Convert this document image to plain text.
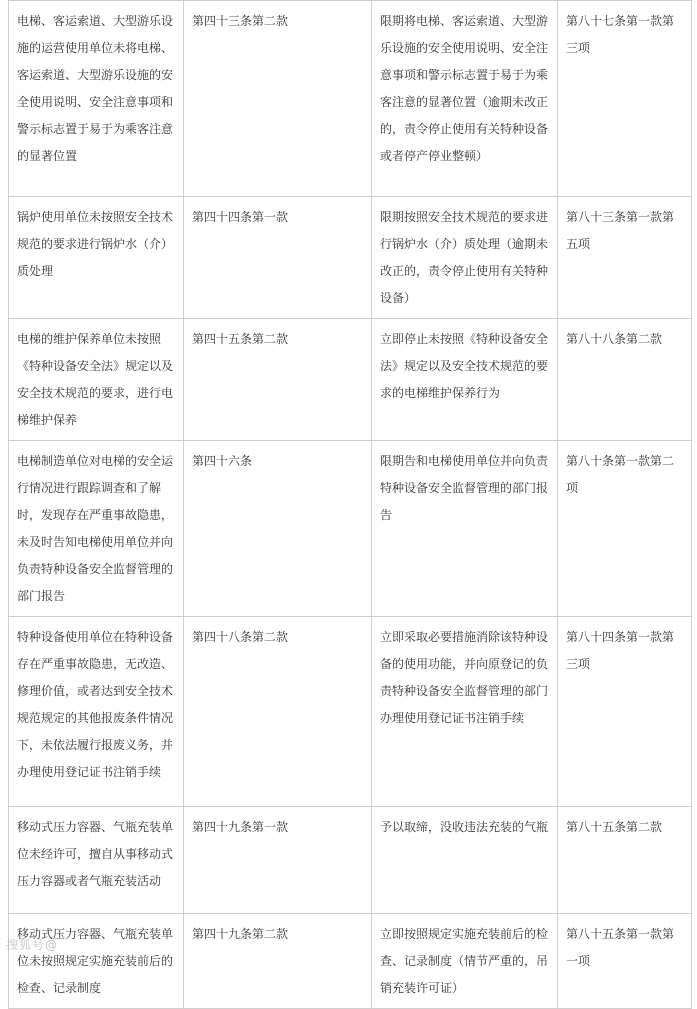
电梯、客运索道、大型游乐设施的运营使用单位未将电梯、客运索道、大型游乐设施的安全使用说明、安全注意事项和警示标志置于易于为乘客注意的显著位置	第四十三条第二款	限期将电梯、客运索道、大型游乐设施的安全使用说明、安全注意事项和警示标志置于易于为乘客注意的显著位置（逾期未改正的，责令停止使用有关特种设备或者停产停业整顿）	第八十七条第一款第三项
锅炉使用单位未按照安全技术规范的要求进行锅炉水（介）质处理	第四十四条第一款	限期按照安全技术规范的要求进行锅炉水（介）质处理（逾期未改正的，责令停止使用有关特种设备）	第八十三条第一款第五项
电梯的维护保养单位未按照《特种设备安全法》规定以及安全技术规范的要求，进行电梯维护保养	第四十五条第二款	立即停止未按照《特种设备安全法》规定以及安全技术规范的要求的电梯维护保养行为	第八十八条第二款
电梯制造单位对电梯的安全运行情况进行跟踪调查和了解时，发现存在严重事故隐患，未及时告知电梯使用单位并向负责特种设备安全监督管理的部门报告	第四十六条	限期告和电梯使用单位并向负责特种设备安全监督管理的部门报告	第八十条第一款第二项
特种设备使用单位在特种设备存在严重事故隐患，无改造、修理价值，或者达到安全技术规范规定的其他报废条件情况下，未依法履行报废义务，并办理使用登记证书注销手续	第四十八条第二款	立即采取必要措施消除该特种设备的使用功能，并向原登记的负责特种设备安全监督管理的部门办理使用登记证书注销手续	第八十四条第一款第三项
移动式压力容器、气瓶充装单位未经许可，擅自从事移动式压力容器或者气瓶充装活动	第四十九条第一款	予以取缔，没收违法充装的气瓶	第八十五条第二款
移动式压力容器、气瓶充装单位未按照规定实施充装前后的检查、记录制度	第四十九条第二款	立即按照规定实施充装前后的检查、记录制度（情节严重的，吊销充装许可证）	第八十五条第一款第一项
搜狐号@
